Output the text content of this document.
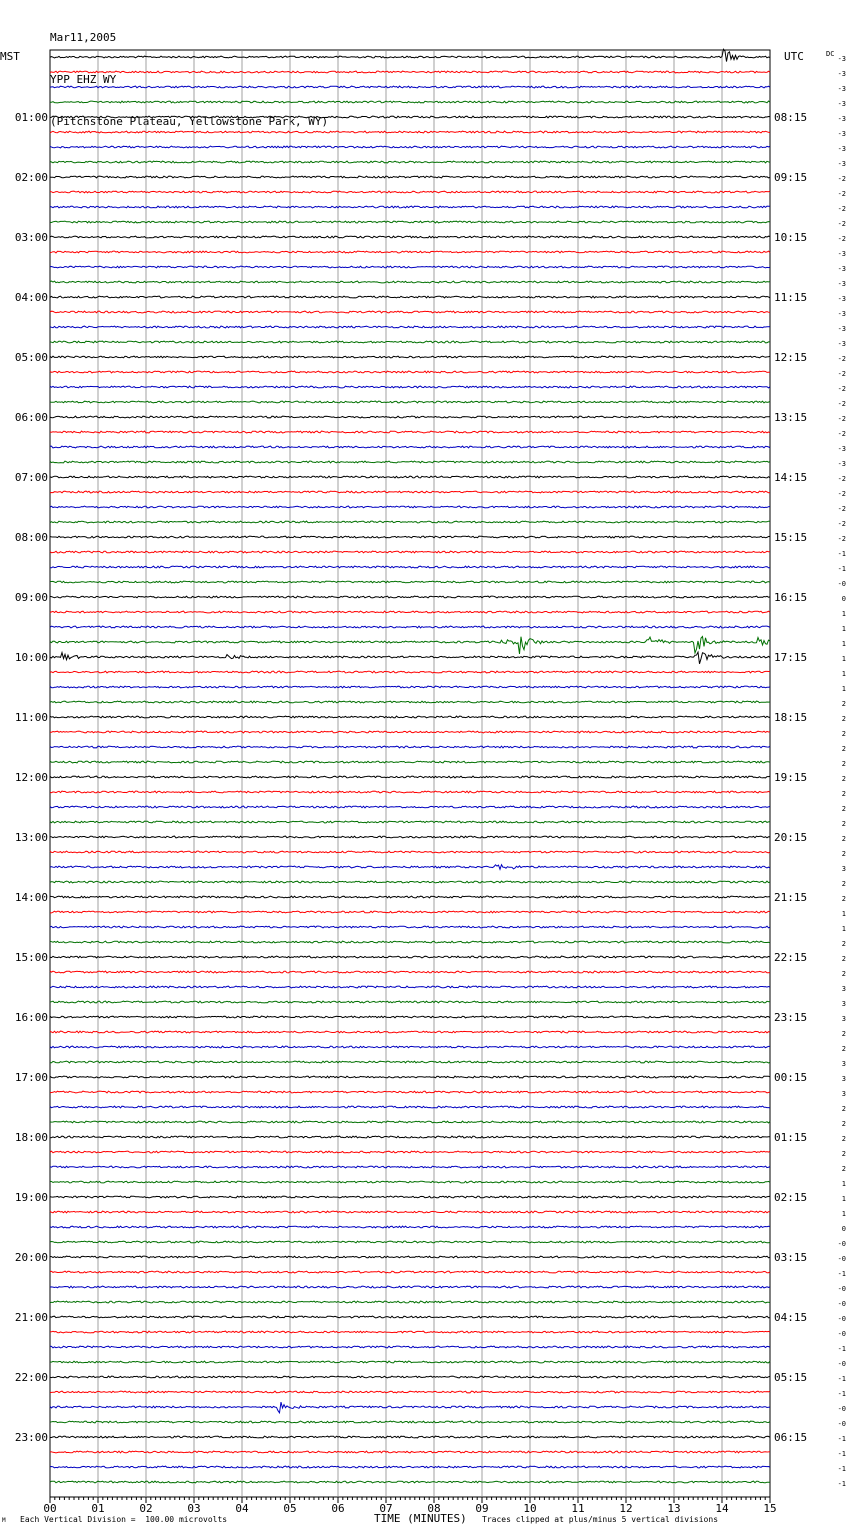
Mar11,2005

YPP EHZ WY

(Pitchstone Plateau, Yellowstone Park, WY)

01:00
02:00
03:00
04:00
05:00
06:00
07:00
08:00
09:00
10:00
11:00
12:00
13:00
14:00
15:00
16:00
17:00
18:00
19:00
20:00
21:00
22:00
23:00
08:15
09:15
10:15
11:15
12:15
13:15
14:15
15:15
16:15
17:15
18:15
19:15
20:15
21:15
22:15
23:15
00:15
01:15
02:15
03:15
04:15
05:15
06:15
-3
-3
-3
-3
-3
-3
-3
-3
-2
-2
-2
-2
-2
-3
-3
-3
-3
-3
-3
-3
-2
-2
-2
-2
-2
-2
-3
-3
-2
-2
-2
-2
-2
-1
-1
-0
0
1
1
1
1
1
1
2
2
2
2
2
2
2
2
2
2
2
3
2
2
1
1
2
2
2
3
3
3
2
2
3
3
3
2
2
2
2
2
1
1
1
0
-0
-0
-1
-0
-0
-0
-0
-1
-0
-1
-1
-0
-0
-1
-1
-1
-1
00	01	02	03	04	05	06	07	08	09	10	11	12	13	14	15
MST	UTC	DC
M Each Vertical Division =  100.00 microvolts	TIME (MINUTES) Traces clipped at plus/minus 5 vertical divisions
